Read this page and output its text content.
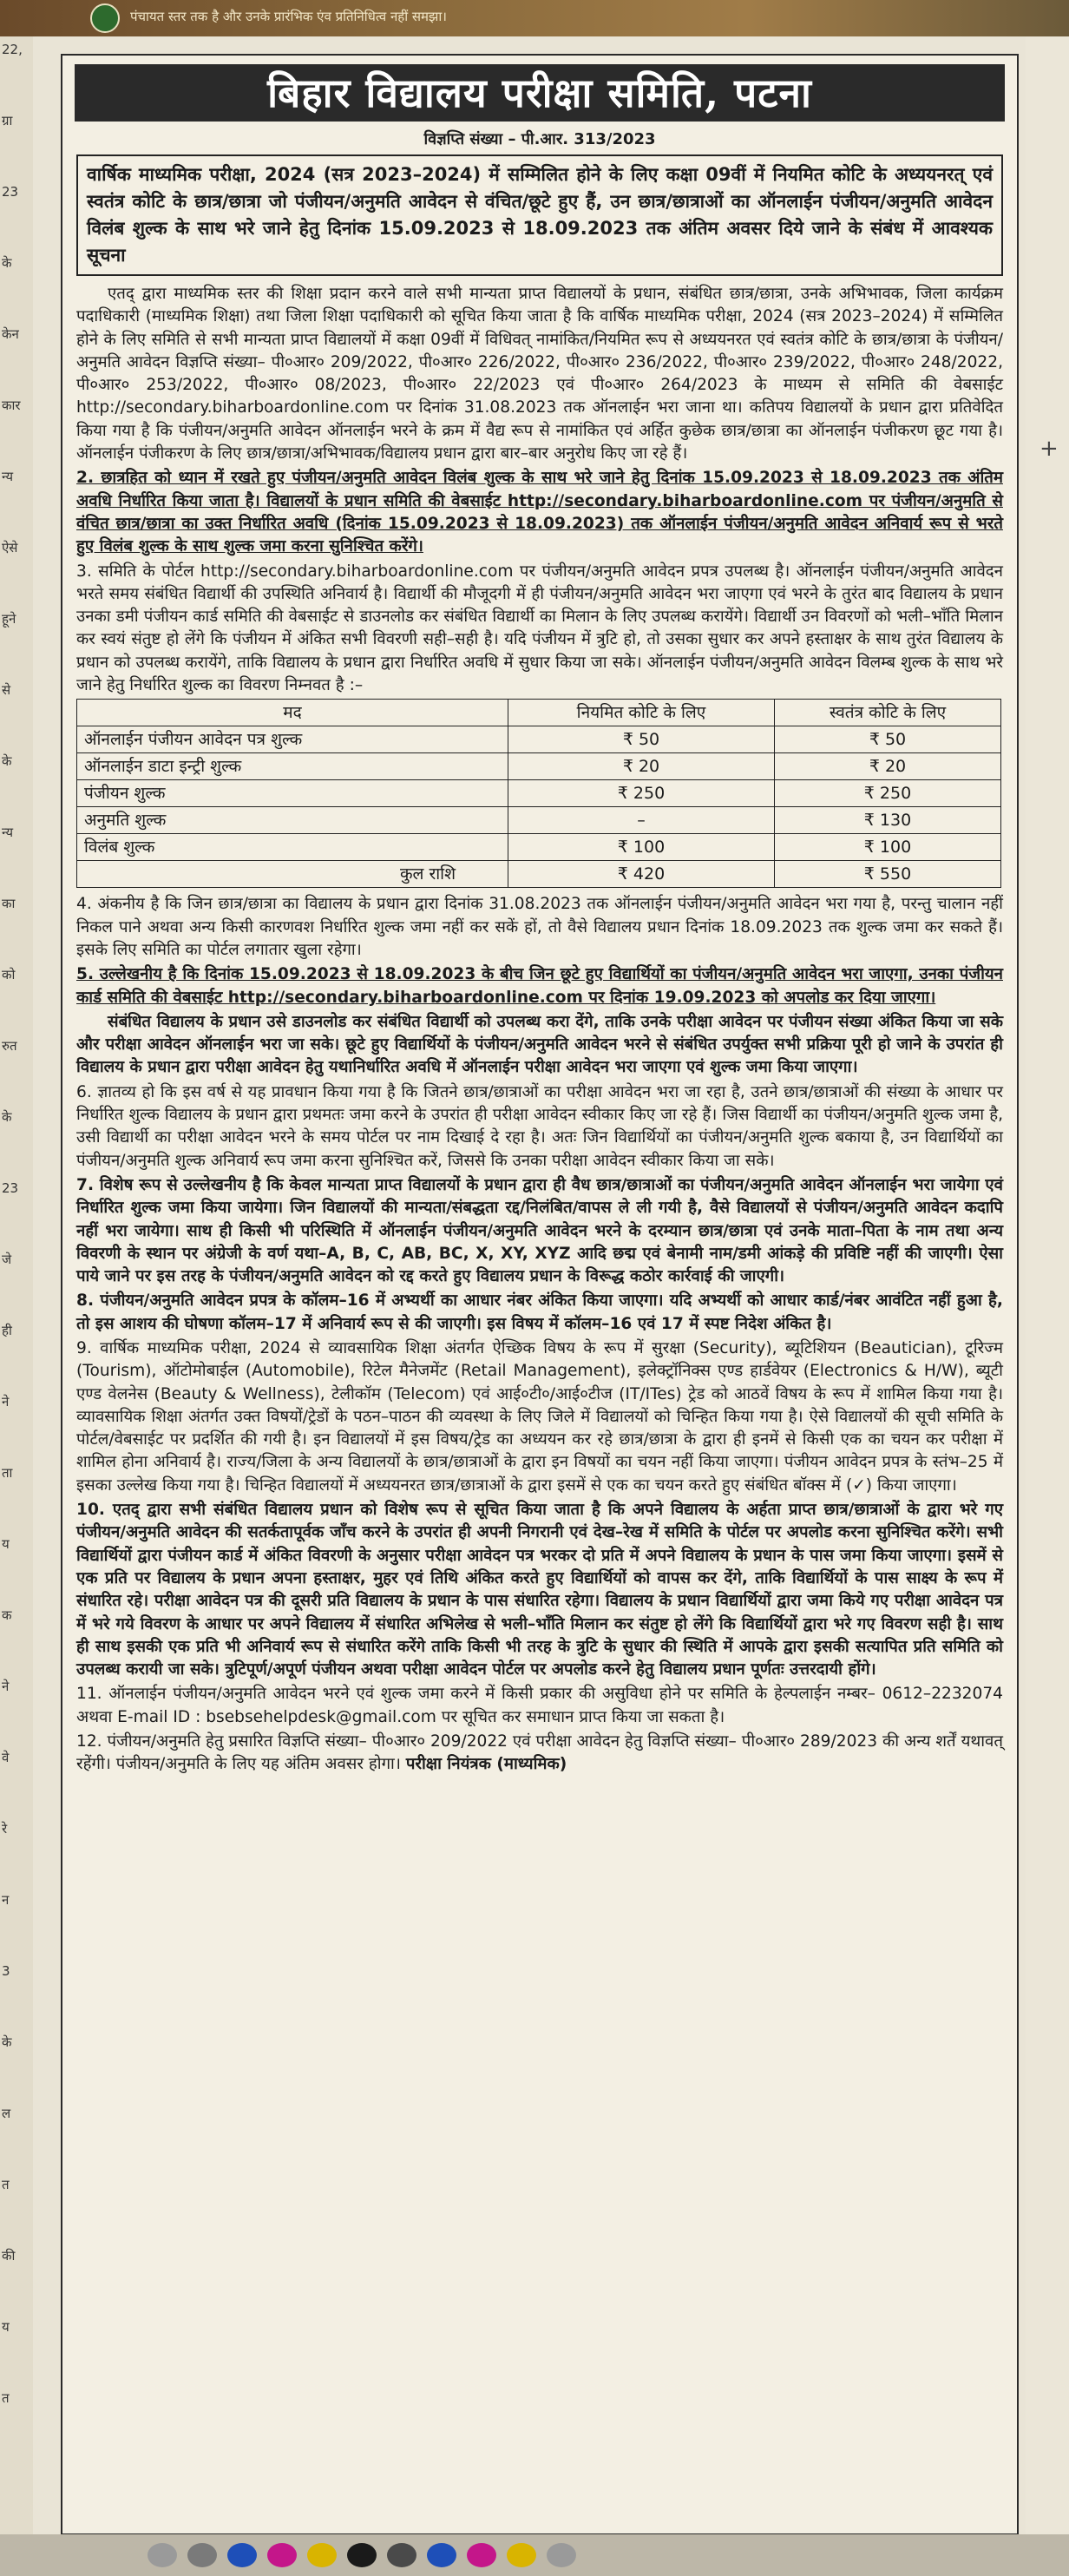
पंचायत स्तर तक है और उनके प्रारंभिक एंव प्रतिनिधित्व नहीं समझा।
22,
ग्रा
23
के
केन
कार
न्य
ऐसे
हूने
से
के
न्य
का
को
रुत
के
23
जे
ही
ने
ता
य
क
ने
वे
रे
न
3
के
ल
त
की
य
त
+
बिहार विद्यालय परीक्षा समिति, पटना
विज्ञप्ति संख्या – पी.आर. 313/2023
वार्षिक माध्यमिक परीक्षा, 2024 (सत्र 2023–2024) में सम्मिलित होने के लिए कक्षा 09वीं में नियमित कोटि के अध्ययनरत् एवं स्वतंत्र कोटि के छात्र/छात्रा जो पंजीयन/अनुमति आवेदन से वंचित/छूटे हुए हैं, उन छात्र/छात्राओं का ऑनलाईन पंजीयन/अनुमति आवेदन विलंब शुल्क के साथ भरे जाने हेतु दिनांक 15.09.2023 से 18.09.2023 तक अंतिम अवसर दिये जाने के संबंध में आवश्यक सूचना

एतद् द्वारा माध्यमिक स्तर की शिक्षा प्रदान करने वाले सभी मान्यता प्राप्त विद्यालयों के प्रधान, संबंधित छात्र/छात्रा, उनके अभिभावक, जिला कार्यक्रम पदाधिकारी (माध्यमिक शिक्षा) तथा जिला शिक्षा पदाधिकारी को सूचित किया जाता है कि वार्षिक माध्यमिक परीक्षा, 2024 (सत्र 2023–2024) में सम्मिलित होने के लिए समिति से सभी मान्यता प्राप्त विद्यालयों में कक्षा 09वीं में विधिवत् नामांकित/नियमित रूप से अध्ययनरत एवं स्वतंत्र कोटि के छात्र/छात्रा के पंजीयन/अनुमति आवेदन विज्ञप्ति संख्या– पी०आर० 209/2022, पी०आर० 226/2022, पी०आर० 236/2022, पी०आर० 239/2022, पी०आर० 248/2022, पी०आर० 253/2022, पी०आर० 08/2023, पी०आर० 22/2023 एवं पी०आर० 264/2023 के माध्यम से समिति की वेबसाईट http://secondary.biharboardonline.com पर दिनांक 31.08.2023 तक ऑनलाईन भरा जाना था। कतिपय विद्यालयों के प्रधान द्वारा प्रतिवेदित किया गया है कि पंजीयन/अनुमति आवेदन ऑनलाईन भरने के क्रम में वैद्य रूप से नामांकित एवं अर्हित कुछेक छात्र/छात्रा का ऑनलाईन पंजीकरण छूट गया है। ऑनलाईन पंजीकरण के लिए छात्र/छात्रा/अभिभावक/विद्यालय प्रधान द्वारा बार–बार अनुरोध किए जा रहे हैं।

2. छात्रहित को ध्यान में रखते हुए पंजीयन/अनुमति आवेदन विलंब शुल्क के साथ भरे जाने हेतु दिनांक 15.09.2023 से 18.09.2023 तक अंतिम अवधि निर्धारित किया जाता है। विद्यालयों के प्रधान समिति की वेबसाईट http://secondary.biharboardonline.com पर पंजीयन/अनुमति से वंचित छात्र/छात्रा का उक्त निर्धारित अवधि (दिनांक 15.09.2023 से 18.09.2023) तक ऑनलाईन पंजीयन/अनुमति आवेदन अनिवार्य रूप से भरते हुए विलंब शुल्क के साथ शुल्क जमा करना सुनिश्चित करेंगे।

3. समिति के पोर्टल http://secondary.biharboardonline.com पर पंजीयन/अनुमति आवेदन प्रपत्र उपलब्ध है। ऑनलाईन पंजीयन/अनुमति आवेदन भरते समय संबंधित विद्यार्थी की उपस्थिति अनिवार्य है। विद्यार्थी की मौजूदगी में ही पंजीयन/अनुमति आवेदन भरा जाएगा एवं भरने के तुरंत बाद विद्यालय के प्रधान उनका डमी पंजीयन कार्ड समिति की वेबसाईट से डाउनलोड कर संबंधित विद्यार्थी का मिलान के लिए उपलब्ध करायेंगे। विद्यार्थी उन विवरणों को भली–भाँति मिलान कर स्वयं संतुष्ट हो लेंगे कि पंजीयन में अंकित सभी विवरणी सही–सही है। यदि पंजीयन में त्रुटि हो, तो उसका सुधार कर अपने हस्ताक्षर के साथ तुरंत विद्यालय के प्रधान को उपलब्ध करायेंगे, ताकि विद्यालय के प्रधान द्वारा निर्धारित अवधि में सुधार किया जा सके। ऑनलाईन पंजीयन/अनुमति आवेदन विलम्ब शुल्क के साथ भरे जाने हेतु निर्धारित शुल्क का विवरण निम्नवत है :–

मद	नियमित कोटि के लिए	स्वतंत्र कोटि के लिए
ऑनलाईन पंजीयन आवेदन पत्र शुल्क	₹ 50	₹ 50
ऑनलाईन डाटा इन्ट्री शुल्क	₹ 20	₹ 20
पंजीयन शुल्क	₹ 250	₹ 250
अनुमति शुल्क	–	₹ 130
विलंब शुल्क	₹ 100	₹ 100
कुल राशि	₹ 420	₹ 550

4. अंकनीय है कि जिन छात्र/छात्रा का विद्यालय के प्रधान द्वारा दिनांक 31.08.2023 तक ऑनलाईन पंजीयन/अनुमति आवेदन भरा गया है, परन्तु चालान नहीं निकल पाने अथवा अन्य किसी कारणवश निर्धारित शुल्क जमा नहीं कर सकें हों, तो वैसे विद्यालय प्रधान दिनांक 18.09.2023 तक शुल्क जमा कर सकते हैं। इसके लिए समिति का पोर्टल लगातार खुला रहेगा।

5. उल्लेखनीय है कि दिनांक 15.09.2023 से 18.09.2023 के बीच जिन छूटे हुए विद्यार्थियों का पंजीयन/अनुमति आवेदन भरा जाएगा, उनका पंजीयन कार्ड समिति की वेबसाईट http://secondary.biharboardonline.com पर दिनांक 19.09.2023 को अपलोड कर दिया जाएगा।

संबंधित विद्यालय के प्रधान उसे डाउनलोड कर संबंधित विद्यार्थी को उपलब्ध करा देंगे, ताकि उनके परीक्षा आवेदन पर पंजीयन संख्या अंकित किया जा सके और परीक्षा आवेदन ऑनलाईन भरा जा सके। छूटे हुए विद्यार्थियों के पंजीयन/अनुमति आवेदन भरने से संबंधित उपर्युक्त सभी प्रक्रिया पूरी हो जाने के उपरांत ही विद्यालय के प्रधान द्वारा परीक्षा आवेदन हेतु यथानिर्धारित अवधि में ऑनलाईन परीक्षा आवेदन भरा जाएगा एवं शुल्क जमा किया जाएगा।

6. ज्ञातव्य हो कि इस वर्ष से यह प्रावधान किया गया है कि जितने छात्र/छात्राओं का परीक्षा आवेदन भरा जा रहा है, उतने छात्र/छात्राओं की संख्या के आधार पर निर्धारित शुल्क विद्यालय के प्रधान द्वारा प्रथमतः जमा करने के उपरांत ही परीक्षा आवेदन स्वीकार किए जा रहे हैं। जिस विद्यार्थी का पंजीयन/अनुमति शुल्क जमा है, उसी विद्यार्थी का परीक्षा आवेदन भरने के समय पोर्टल पर नाम दिखाई दे रहा है। अतः जिन विद्यार्थियों का पंजीयन/अनुमति शुल्क बकाया है, उन विद्यार्थियों का पंजीयन/अनुमति शुल्क अनिवार्य रूप जमा करना सुनिश्चित करें, जिससे कि उनका परीक्षा आवेदन स्वीकार किया जा सके।

7. विशेष रूप से उल्लेखनीय है कि केवल मान्यता प्राप्त विद्यालयों के प्रधान द्वारा ही वैध छात्र/छात्राओं का पंजीयन/अनुमति आवेदन ऑनलाईन भरा जायेगा एवं निर्धारित शुल्क जमा किया जायेगा। जिन विद्यालयों की मान्यता/संबद्धता रद्द/निलंबित/वापस ले ली गयी है, वैसे विद्यालयों से पंजीयन/अनुमति आवेदन कदापि नहीं भरा जायेगा। साथ ही किसी भी परिस्थिति में ऑनलाईन पंजीयन/अनुमति आवेदन भरने के दरम्यान छात्र/छात्रा एवं उनके माता–पिता के नाम तथा अन्य विवरणी के स्थान पर अंग्रेजी के वर्ण यथा–A, B, C, AB, BC, X, XY, XYZ आदि छद्म एवं बेनामी नाम/डमी आंकड़े की प्रविष्टि नहीं की जाएगी। ऐसा पाये जाने पर इस तरह के पंजीयन/अनुमति आवेदन को रद्द करते हुए विद्यालय प्रधान के विरूद्ध कठोर कार्रवाई की जाएगी।

8. पंजीयन/अनुमति आवेदन प्रपत्र के कॉलम–16 में अभ्यर्थी का आधार नंबर अंकित किया जाएगा। यदि अभ्यर्थी को आधार कार्ड/नंबर आवंटित नहीं हुआ है, तो इस आशय की घोषणा कॉलम–17 में अनिवार्य रूप से की जाएगी। इस विषय में कॉलम–16 एवं 17 में स्पष्ट निदेश अंकित है।

9. वार्षिक माध्यमिक परीक्षा, 2024 से व्यावसायिक शिक्षा अंतर्गत ऐच्छिक विषय के रूप में सुरक्षा (Security), ब्यूटिशियन (Beautician), टूरिज्म (Tourism), ऑटोमोबाईल (Automobile), रिटेल मैनेजमेंट (Retail Management), इलेक्ट्रॉनिक्स एण्ड हार्डवेयर (Electronics & H/W), ब्यूटी एण्ड वेलनेस (Beauty & Wellness), टेलीकॉम (Telecom) एवं आई०टी०/आई०टीज (IT/ITes) ट्रेड को आठवें विषय के रूप में शामिल किया गया है। व्यावसायिक शिक्षा अंतर्गत उक्त विषयों/ट्रेडों के पठन–पाठन की व्यवस्था के लिए जिले में विद्यालयों को चिन्हित किया गया है। ऐसे विद्यालयों की सूची समिति के पोर्टल/वेबसाईट पर प्रदर्शित की गयी है। इन विद्यालयों में इस विषय/ट्रेड का अध्ययन कर रहे छात्र/छात्रा के द्वारा ही इनमें से किसी एक का चयन कर परीक्षा में शामिल होना अनिवार्य है। राज्य/जिला के अन्य विद्यालयों के छात्र/छात्राओं के द्वारा इन विषयों का चयन नहीं किया जाएगा। पंजीयन आवेदन प्रपत्र के स्तंभ–25 में इसका उल्लेख किया गया है। चिन्हित विद्यालयों में अध्ययनरत छात्र/छात्राओं के द्वारा इसमें से एक का चयन करते हुए संबंधित बॉक्स में (✓) किया जाएगा।

10. एतद् द्वारा सभी संबंधित विद्यालय प्रधान को विशेष रूप से सूचित किया जाता है कि अपने विद्यालय के अर्हता प्राप्त छात्र/छात्राओं के द्वारा भरे गए पंजीयन/अनुमति आवेदन की सतर्कतापूर्वक जाँच करने के उपरांत ही अपनी निगरानी एवं देख–रेख में समिति के पोर्टल पर अपलोड करना सुनिश्चित करेंगे। सभी विद्यार्थियों द्वारा पंजीयन कार्ड में अंकित विवरणी के अनुसार परीक्षा आवेदन पत्र भरकर दो प्रति में अपने विद्यालय के प्रधान के पास जमा किया जाएगा। इसमें से एक प्रति पर विद्यालय के प्रधान अपना हस्ताक्षर, मुहर एवं तिथि अंकित करते हुए विद्यार्थियों को वापस कर देंगे, ताकि विद्यार्थियों के पास साक्ष्य के रूप में संधारित रहे। परीक्षा आवेदन पत्र की दूसरी प्रति विद्यालय के प्रधान के पास संधारित रहेगा। विद्यालय के प्रधान विद्यार्थियों द्वारा जमा किये गए परीक्षा आवेदन पत्र में भरे गये विवरण के आधार पर अपने विद्यालय में संधारित अभिलेख से भली–भाँति मिलान कर संतुष्ट हो लेंगे कि विद्यार्थियों द्वारा भरे गए विवरण सही है। साथ ही साथ इसकी एक प्रति भी अनिवार्य रूप से संधारित करेंगे ताकि किसी भी तरह के त्रुटि के सुधार की स्थिति में आपके द्वारा इसकी सत्यापित प्रति समिति को उपलब्ध करायी जा सके। त्रुटिपूर्ण/अपूर्ण पंजीयन अथवा परीक्षा आवेदन पोर्टल पर अपलोड करने हेतु विद्यालय प्रधान पूर्णतः उत्तरदायी होंगे।

11. ऑनलाईन पंजीयन/अनुमति आवेदन भरने एवं शुल्क जमा करने में किसी प्रकार की असुविधा होने पर समिति के हेल्पलाईन नम्बर– 0612–2232074 अथवा E-mail ID : bsebsehelpdesk@gmail.com पर सूचित कर समाधान प्राप्त किया जा सकता है।

12. पंजीयन/अनुमति हेतु प्रसारित विज्ञप्ति संख्या– पी०आर० 209/2022 एवं परीक्षा आवेदन हेतु विज्ञप्ति संख्या– पी०आर० 289/2023 की अन्य शर्तें यथावत् रहेंगी। पंजीयन/अनुमति के लिए यह अंतिम अवसर होगा। परीक्षा नियंत्रक (माध्यमिक)
